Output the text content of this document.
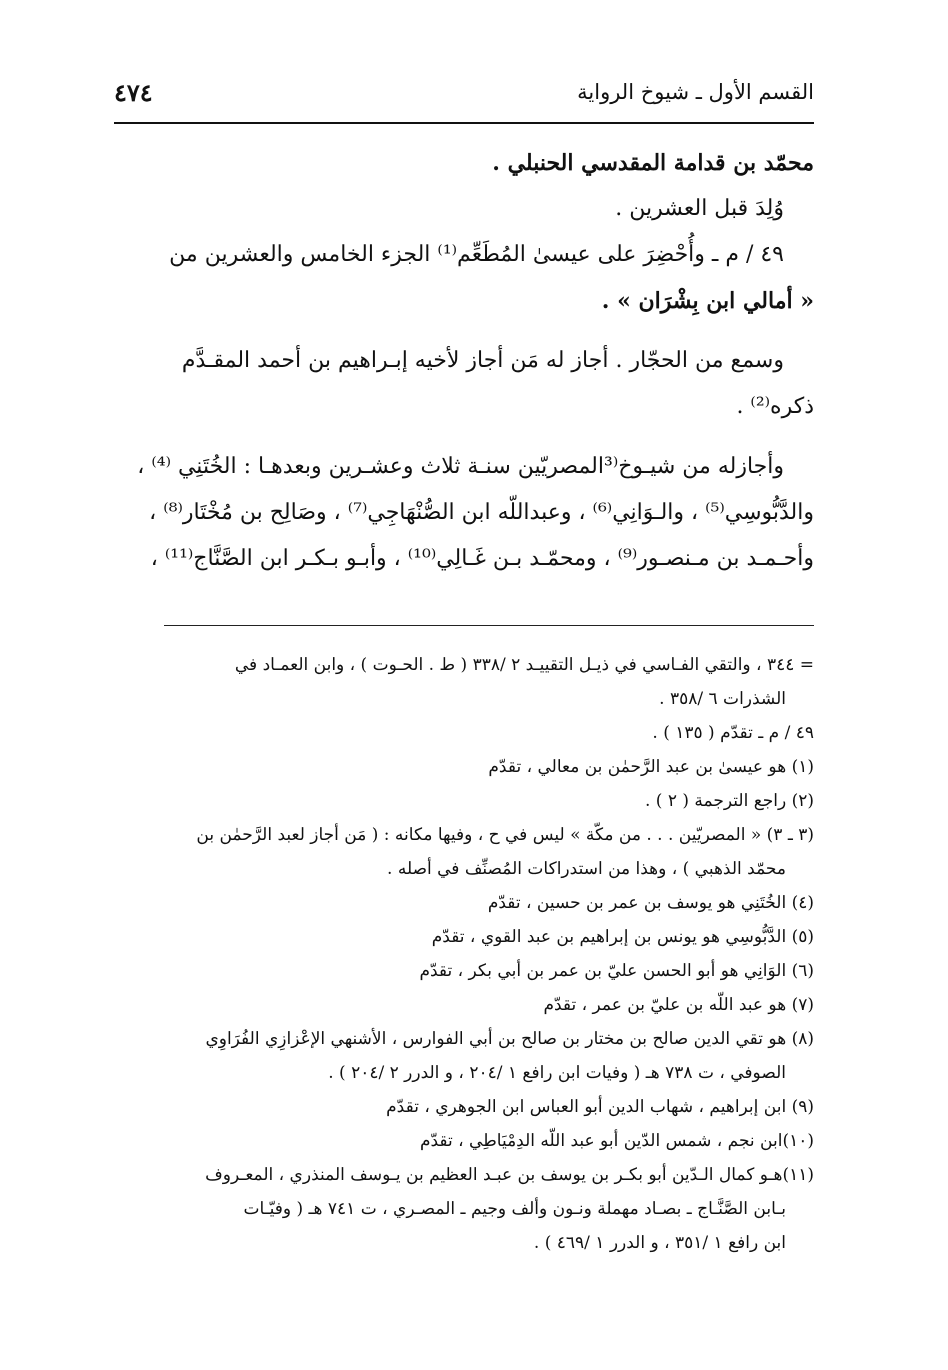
القسم الأول ـ شيوخ الرواية
٤٧٤
محمّد بن قدامة المقدسي الحنبلي .
وُلِدَ قبل العشرين .
٤٩ / م ـ وأُحْضِرَ على عيسىٰ المُطَعِّم⁽¹⁾ الجزء الخامس والعشرين من
« أمالي ابن بِشْرَان » .
وسمع من الحجّار . أجاز له مَن أجاز لأخيه إبـراهيم بن أحمد المقـدَّم
ذكره⁽²⁾ .
وأجازله من شيـوخ⁽³المصريّين سنـة ثلاث وعشـرين وبعدهـا : الخُتَنِي ⁽⁴⁾ ،
والدَّبُّوسِي⁽⁵⁾ ، والـوَانِي⁽⁶⁾ ، وعبداللّه ابن الصُّنْهَاجِي⁽⁷⁾ ، وصَالِح بن مُخْتَار⁽⁸⁾ ،
وأحـمـد بن مـنصـور⁽⁹⁾ ، ومحمّـد بـن غَـالِي⁽¹⁰⁾ ، وأبـو بـكـر ابن الصَّنَّاج⁽¹¹⁾ ،
= ٣٤٤ ، والتقي الفـاسي في ذيـل التقييـد ٢ /٣٣٨ ( ط . الحـوت ) ، وابن العمـاد في
الشذرات ٦ /٣٥٨ .
٤٩ / م ـ تقدّم ( ١٣٥ ) .
(١) هو عيسىٰ بن عبد الرَّحمٰن بن معالي ، تقدّم
(٢) راجع الترجمة ( ٢ ) .
(٣ ـ ٣) « المصريّين . . . من مكّة » ليس في ح ، وفيها مكانه : ( مَن أجاز لعبد الرَّحمٰن بن
محمّد الذهبي ) ، وهذا من استدراكات المُصنِّف في أصله .
(٤) الخُتَنِي هو يوسف بن عمر بن حسين ، تقدّم
(٥) الدَّبُّوسِي هو يونس بن إبراهيم بن عبد القوي ، تقدّم
(٦) الوَانِي هو أبو الحسن عليّ بن عمر بن أبي بكر ، تقدّم
(٧) هو عبد اللّه بن عليّ بن عمر ، تقدّم
(٨) هو تقي الدين صالح بن مختار بن صالح بن أبي الفوارس ، الأشنهي الإعْزازِي الفُرَاوِي
الصوفي ، ت ٧٣٨ هـ ( وفيات ابن رافع ١ /٢٠٤ ، و الدرر ٢ /٢٠٤ ) .
(٩) ابن إبراهيم ، شهاب الدين أبو العباس ابن الجوهري ، تقدّم
(١٠)ابن نجم ، شمس الدّين أبو عبد اللّه الدِمْيَاطِي ، تقدّم
(١١)هـو كمال الـدّين أبو بكـر بن يوسف بن عبـد العظيم بن يـوسف المنذري ، المعـروف
بـابن الصَّنَّـاج ـ بصـاد مهملة ونـون وألف وجيم ـ المصـري ، ت ٧٤١ هـ ( وفيّـات
ابن رافع ١ /٣٥١ ، و الدرر ١ /٤٦٩ ) .
